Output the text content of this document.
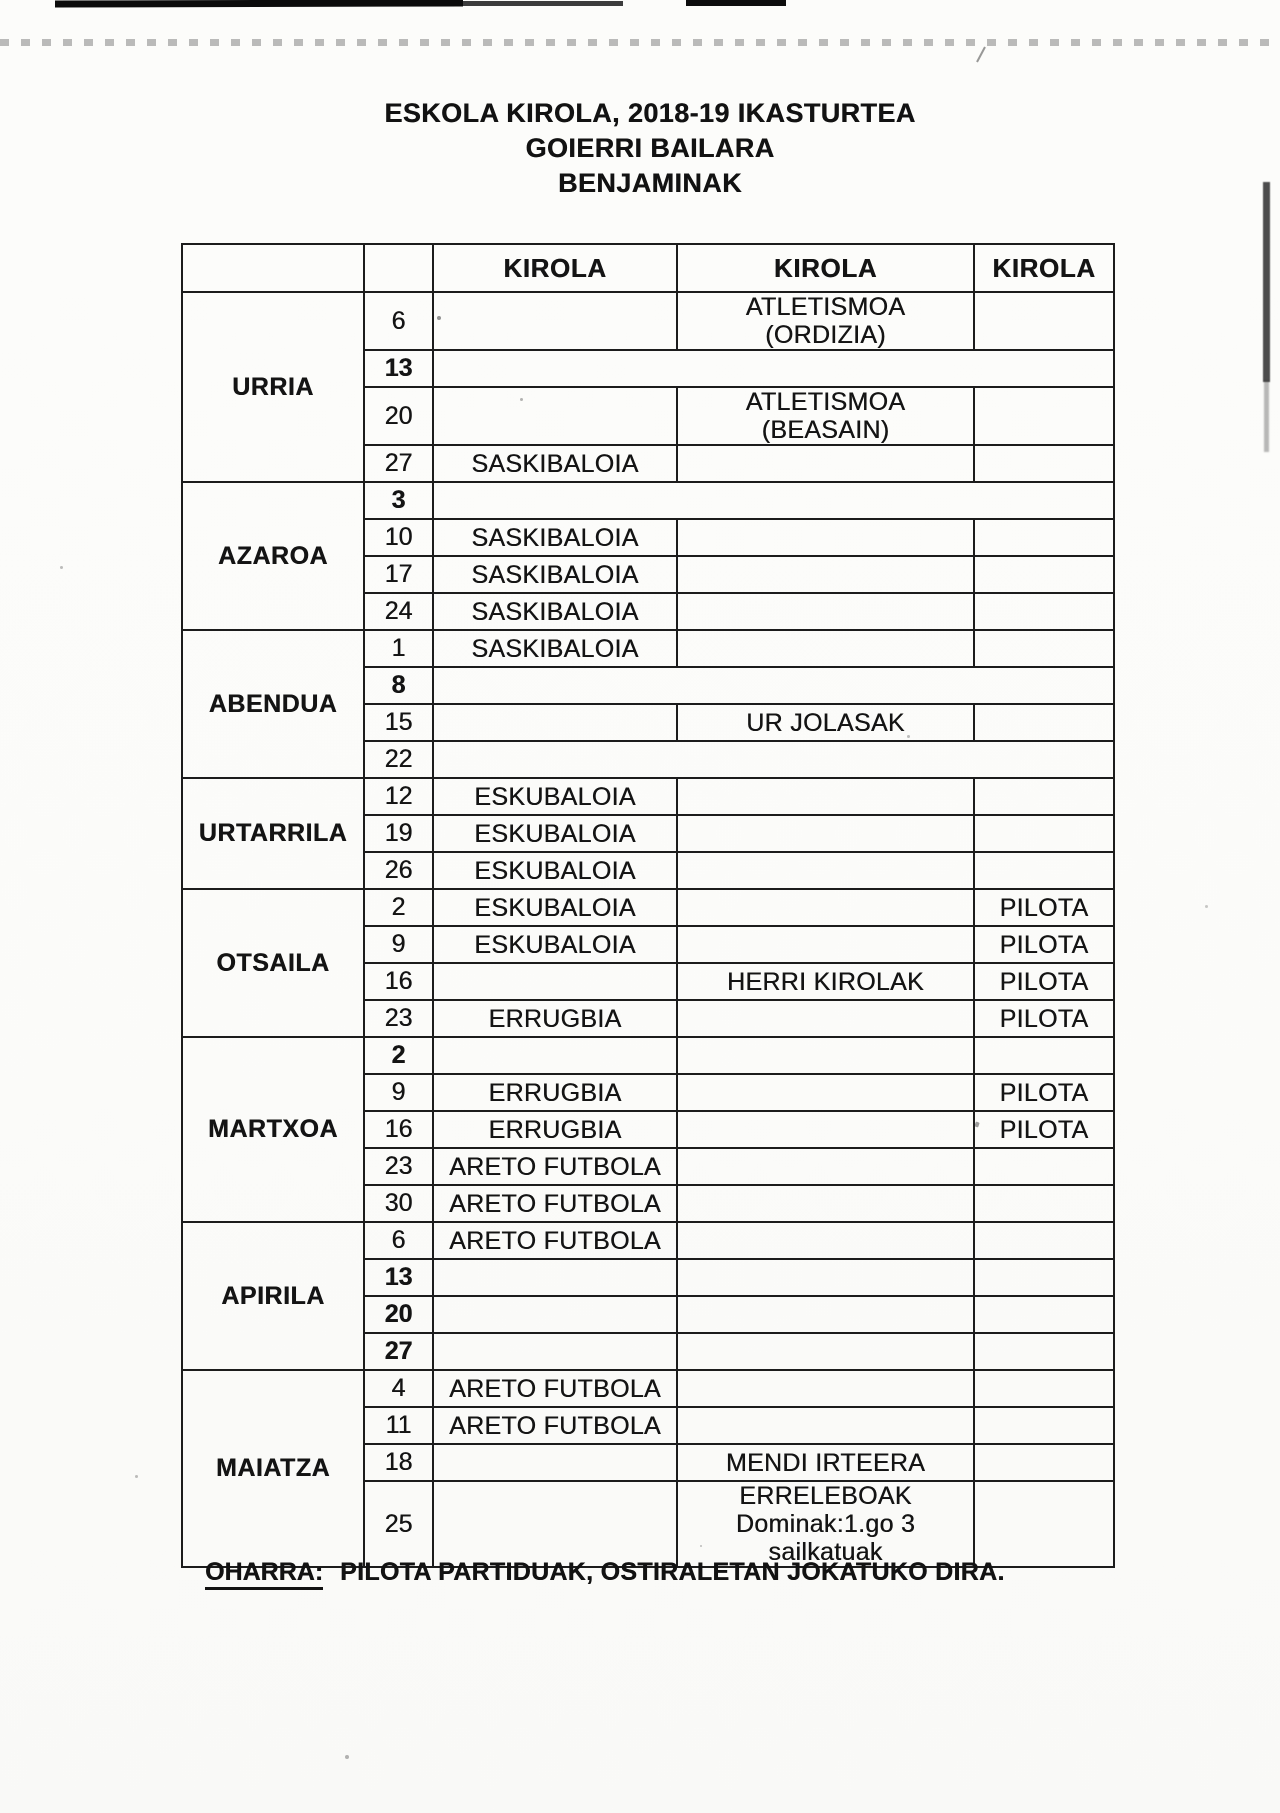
ESKOLA KIROLA, 2018-19 IKASTURTEA
GOIERRI BAILARA
BENJAMINAK
		KIROLA	KIROLA	KIROLA
URRIA	6		ATLETISMOA
(ORDIZIA)	
	13			
	20		ATLETISMOA
(BEASAIN)	
	27	SASKIBALOIA		
AZAROA	3			
	10	SASKIBALOIA		
	17	SASKIBALOIA		
	24	SASKIBALOIA		
ABENDUA	1	SASKIBALOIA		
	8			
	15		UR JOLASAK	
	22			
URTARRILA	12	ESKUBALOIA		
	19	ESKUBALOIA		
	26	ESKUBALOIA		
OTSAILA	2	ESKUBALOIA		PILOTA
	9	ESKUBALOIA		PILOTA
	16		HERRI KIROLAK	PILOTA
	23	ERRUGBIA		PILOTA
MARTXOA	2			
	9	ERRUGBIA		PILOTA
	16	ERRUGBIA		PILOTA
	23	ARETO FUTBOLA		
	30	ARETO FUTBOLA		
APIRILA	6	ARETO FUTBOLA		
	13			
	20			
	27			
MAIATZA	4	ARETO FUTBOLA		
	11	ARETO FUTBOLA		
	18		MENDI IRTEERA	
	25		ERRELEBOAK
Dominak:1.go 3
sailkatuak	
OHARRA: PILOTA PARTIDUAK, OSTIRALETAN JOKATUKO DIRA.
